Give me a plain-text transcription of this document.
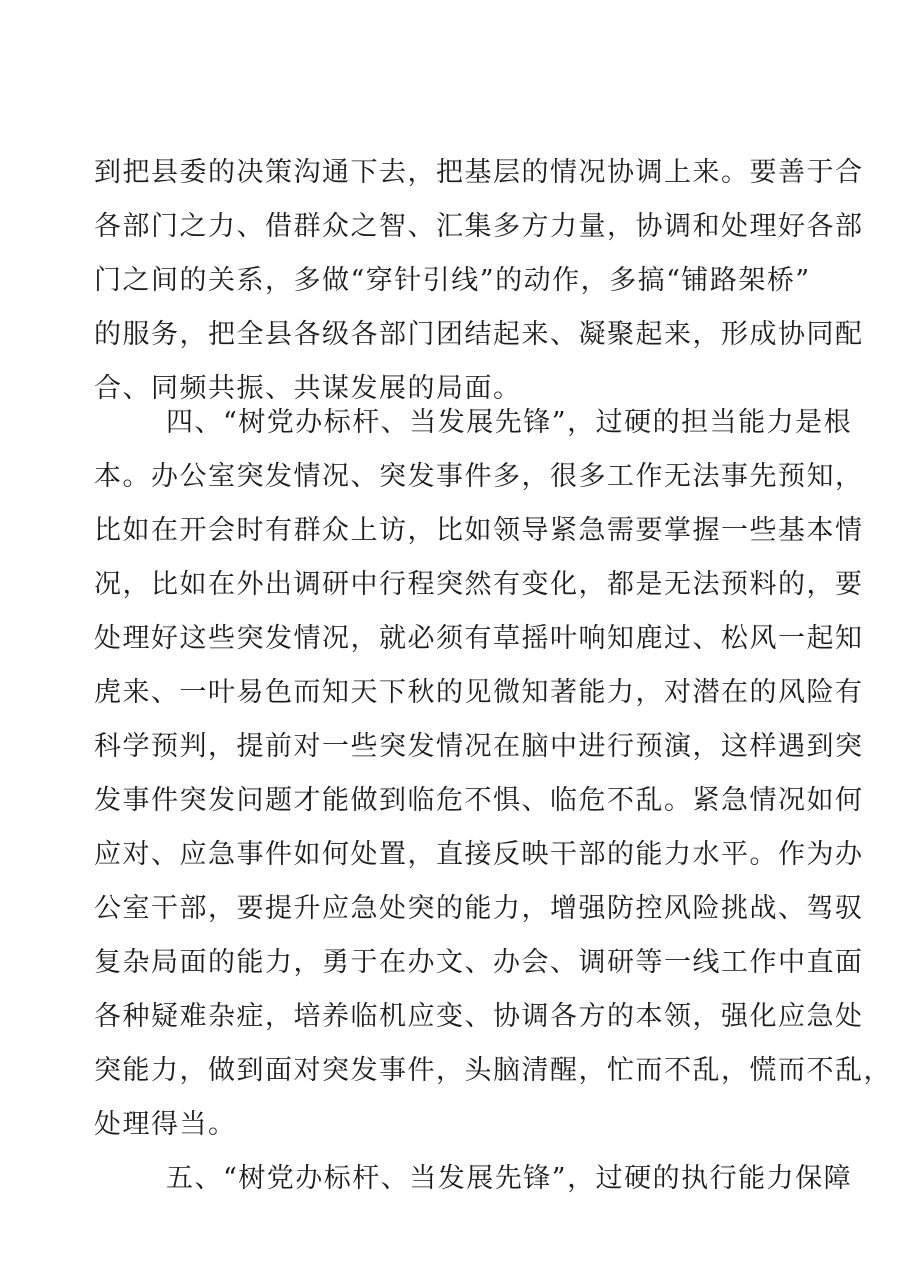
到把县委的决策沟通下去，把基层的情况协调上来。要善于合
各部门之力、借群众之智、汇集多方力量，协调和处理好各部
门之间的关系，多做“穿针引线”的动作，多搞“铺路架桥”
的服务，把全县各级各部门团结起来、凝聚起来，形成协同配
合、同频共振、共谋发展的局面。
四、“树党办标杆、当发展先锋”，过硬的担当能力是根
本。办公室突发情况、突发事件多，很多工作无法事先预知，
比如在开会时有群众上访，比如领导紧急需要掌握一些基本情
况，比如在外出调研中行程突然有变化，都是无法预料的，要
处理好这些突发情况，就必须有草摇叶响知鹿过、松风一起知
虎来、一叶易色而知天下秋的见微知著能力，对潜在的风险有
科学预判，提前对一些突发情况在脑中进行预演，这样遇到突
发事件突发问题才能做到临危不惧、临危不乱。紧急情况如何
应对、应急事件如何处置，直接反映干部的能力水平。作为办
公室干部，要提升应急处突的能力，增强防控风险挑战、驾驭
复杂局面的能力，勇于在办文、办会、调研等一线工作中直面
各种疑难杂症，培养临机应变、协调各方的本领，强化应急处
突能力，做到面对突发事件，头脑清醒，忙而不乱，慌而不乱，
处理得当。
五、“树党办标杆、当发展先锋”，过硬的执行能力保障
